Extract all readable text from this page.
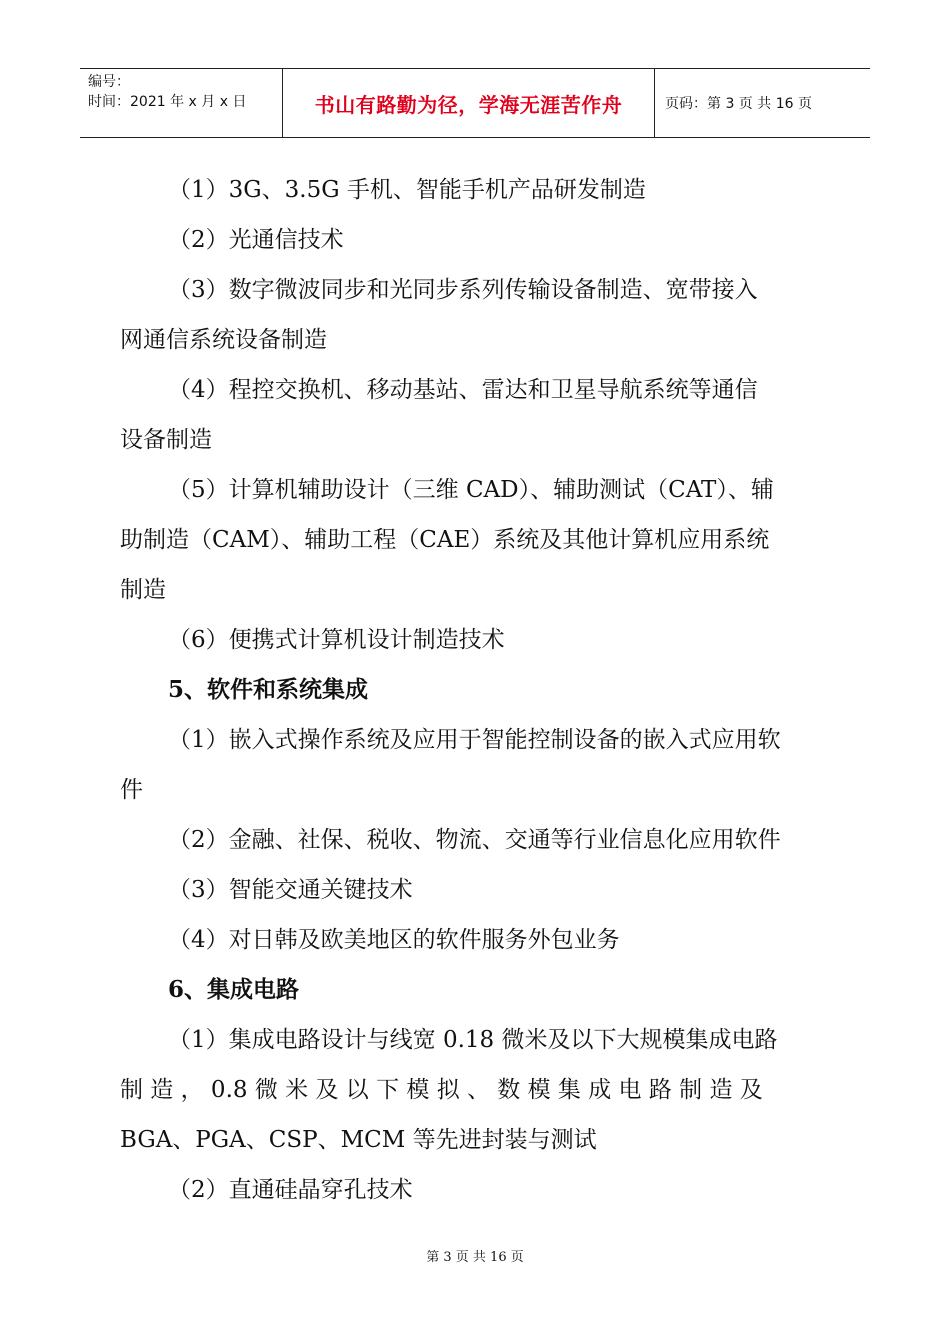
编号：
时间：2021 年 x 月 x 日	书山有路勤为径，学海无涯苦作舟	页码：第 3 页 共 16 页
（1）3G、3.5G 手机、智能手机产品研发制造
（2）光通信技术
（3）数字微波同步和光同步系列传输设备制造、宽带接入
网通信系统设备制造
（4）程控交换机、移动基站、雷达和卫星导航系统等通信
设备制造
（5）计算机辅助设计（三维 CAD）、辅助测试（CAT）、辅
助制造（CAM）、辅助工程（CAE）系统及其他计算机应用系统
制造
（6）便携式计算机设计制造技术
5、软件和系统集成
（1）嵌入式操作系统及应用于智能控制设备的嵌入式应用软
件
（2）金融、社保、税收、物流、交通等行业信息化应用软件
（3）智能交通关键技术
（4）对日韩及欧美地区的软件服务外包业务
6、集成电路
（1）集成电路设计与线宽 0.18 微米及以下大规模集成电路
制 造 ， 0.8 微 米 及 以 下 模 拟 、 数 模 集 成 电 路 制 造 及
BGA、PGA、CSP、MCM 等先进封装与测试
（2）直通硅晶穿孔技术
第 3 页 共 16 页
